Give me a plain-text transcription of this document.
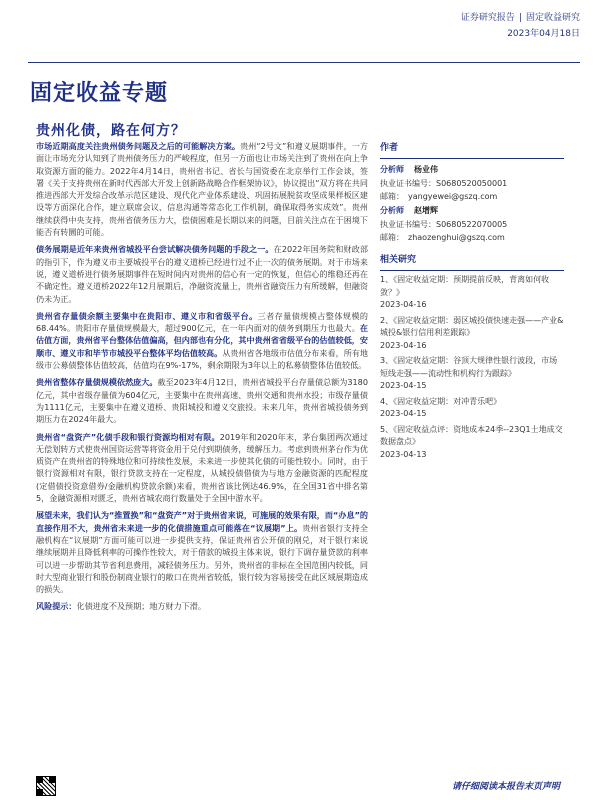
证券研究报告 | 固定收益研究
2023年04月18日
固定收益专题
贵州化债，路在何方？

市场近期高度关注贵州债务问题及之后的可能解决方案。贵州“2号文”和遵义展期事件，一方面让市场充分认知到了贵州债务压力的严峻程度，但另一方面也让市场关注到了贵州在向上争取资源方面的能力。2022年4月14日，贵州省书记、省长与国资委在北京举行工作会谈，签署《关于支持贵州在新时代西部大开发上创新路战略合作框架协议》，协议提出“双方将在共同推进西部大开发综合改革示范区建设、现代化产业体系建设、巩固拓展脱贫攻坚成果样板区建设等方面深化合作，建立联席会议、信息沟通等常态化工作机制，确保取得务实成效”。贵州继续获得中央支持，贵州省债务压力大，偿债困难是长期以来的问题，目前关注点在于困境下能否有转圜的可能。

债务展期是近年来贵州省城投平台尝试解决债务问题的手段之一。在2022年国务院和财政部的指引下，作为遵义市主要城投平台的遵义道桥已经进行过不止一次的债务展期。对于市场来说，遵义道桥进行债务展期事件在短时间内对贵州的信心有一定的恢复，但信心的维稳还再在不确定性。遵义道桥2022年12月展期后，净融资流量上，贵州省融资压力有所缓解，但融资仍未为正。

贵州省存量债余额主要集中在贵阳市、遵义市和省级平台。三者存量债规模占整体规模的68.44%。贵阳市存量债规模最大，超过900亿元，在一年内面对的债务到期压力也最大。在估值方面，贵州省平台整体估值偏高，但内部也有分化，其中贵州省省级平台的估值较低，安顺市、遵义市和毕节市城投平台整体平均估值较高。从贵州省各地级市估值分布来看，所有地级市公募债整体估值较高，估值均在9%-17%，剩余期限为3年以上的私募债整体估值较低。

贵州省整体存量债规模依然庞大。截至2023年4月12日，贵州省城投平台存量债总额为3180亿元，其中省级存量债为604亿元，主要集中在贵州高速、贵州交通和贵州水投；市级存量债为1111亿元，主要集中在遵义道桥、贵阳城投和遵义交旅投。未来几年，贵州省城投债务到期压力在2024年最大。

贵州省“盘资产”化债手段和银行资源均相对有限。2019年和2020年末，茅台集团两次通过无偿划转方式使贵州国资运营等将资金用于兑付到期债务，缓解压力。考虑到贵州茅台作为优质资产在贵州省的特殊地位和可持续性发展，未来进一步使其化债的可能性较小。同时，由于银行资源相对有限，银行贷款支持在一定程度，从城投债借债为与地方金融资源的匹配程度(定借债投资意借券/金融机构贷款余额)来看，贵州省该比例达46.9%，在全国31省中排名第5，金融资源相对匮乏，贵州省城农商行数量处于全国中游水平。

展望未来，我们认为“推置换”和“盘资产”对于贵州省来说，可施展的效果有限，而“办息”的直接作用不大，贵州省未来进一步的化债措施重点可能落在“议展期”上。贵州省银行支持全融机构在“议展期”方面可能可以进一步提供支持，保证贵州省公开债的刚兑，对于银行来说继续展期并且降低利率的可操作性较大，对于借款的城投主体来说，银行下调存量贷款的利率可以进一步帮助其节省利息费用，减轻债务压力。另外，贵州省的非标在全国范围内较低，同时大型商业银行和股份制商业银行的敞口在贵州省较低，银行较为容易接受在此区域展期造成的损失。

风险提示：化债进度不及预期；地方财力下滑。

作者
分析师 杨业伟
执业证书编号：S0680520050001
邮箱： yangyewei@gszq.com
分析师 赵增辉
执业证书编号：S0680522070005
邮箱： zhaozenghui@gszq.com
相关研究
1、《固定收益定期：预期提前反映，背离如何收敛？》
2023-04-16
2、《固定收益定期：弱区城投债快速走强——产业&城投&银行信用利差跟踪》
2023-04-16
3、《固定收益定期：谷顶大规律性银行波段，市场短线走强——流动性和机构行为跟踪》
2023-04-15
4、《固定收益定期：对冲青乐吧》
2023-04-15
5、《固定收益点评：资地成本24季--23Q1土地成交数据盘点》
2023-04-13
请仔细阅读本报告末页声明
